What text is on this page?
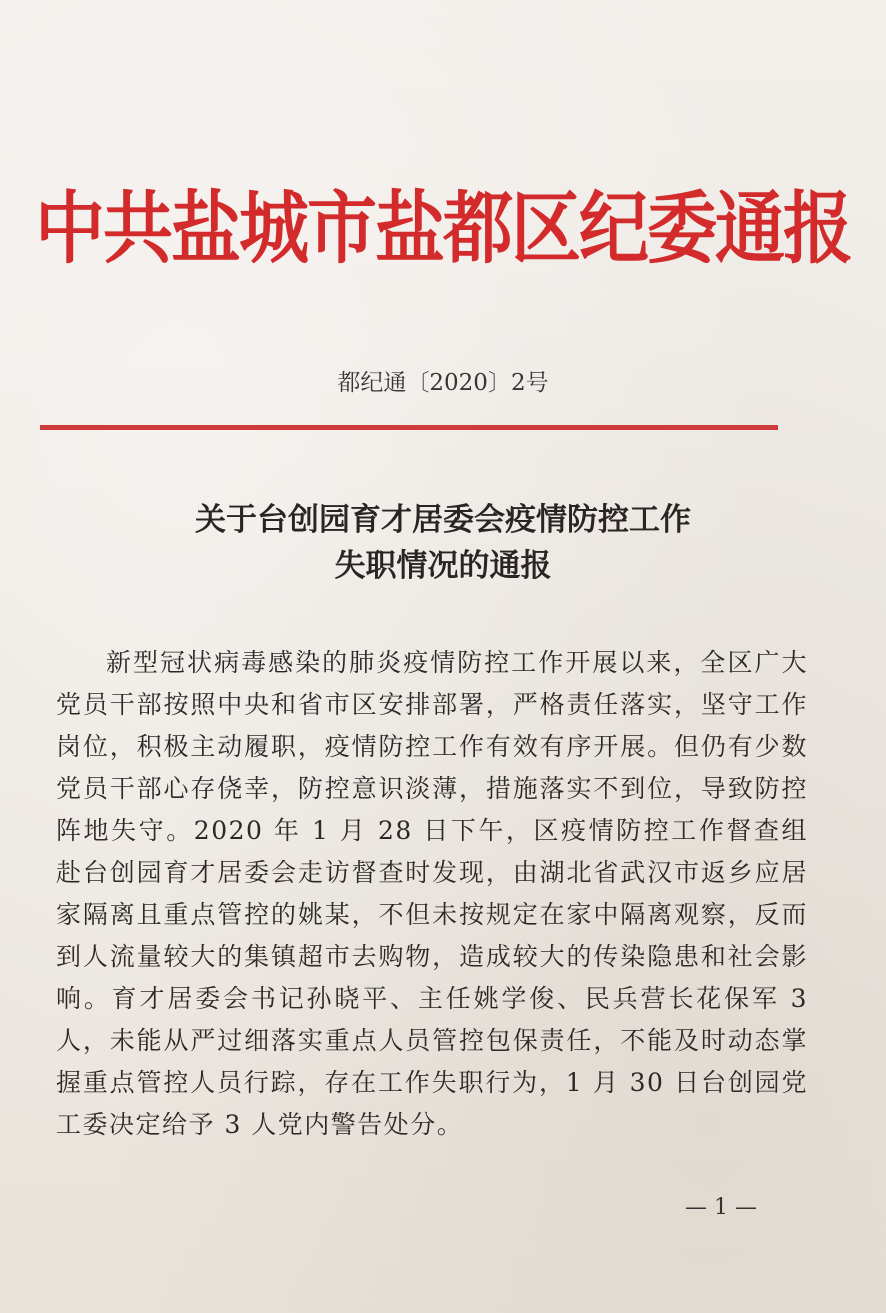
中共盐城市盐都区纪委通报
都纪通〔2020〕2号
关于台创园育才居委会疫情防控工作
失职情况的通报
新型冠状病毒感染的肺炎疫情防控工作开展以来，全区广大党员干部按照中央和省市区安排部署，严格责任落实，坚守工作岗位，积极主动履职，疫情防控工作有效有序开展。但仍有少数党员干部心存侥幸，防控意识淡薄，措施落实不到位，导致防控阵地失守。2020 年 1 月 28 日下午，区疫情防控工作督查组赴台创园育才居委会走访督查时发现，由湖北省武汉市返乡应居家隔离且重点管控的姚某，不但未按规定在家中隔离观察，反而到人流量较大的集镇超市去购物，造成较大的传染隐患和社会影响。育才居委会书记孙晓平、主任姚学俊、民兵营长花保军 3 人，未能从严过细落实重点人员管控包保责任，不能及时动态掌握重点管控人员行踪，存在工作失职行为，1 月 30 日台创园党工委决定给予 3 人党内警告处分。
— 1 —
